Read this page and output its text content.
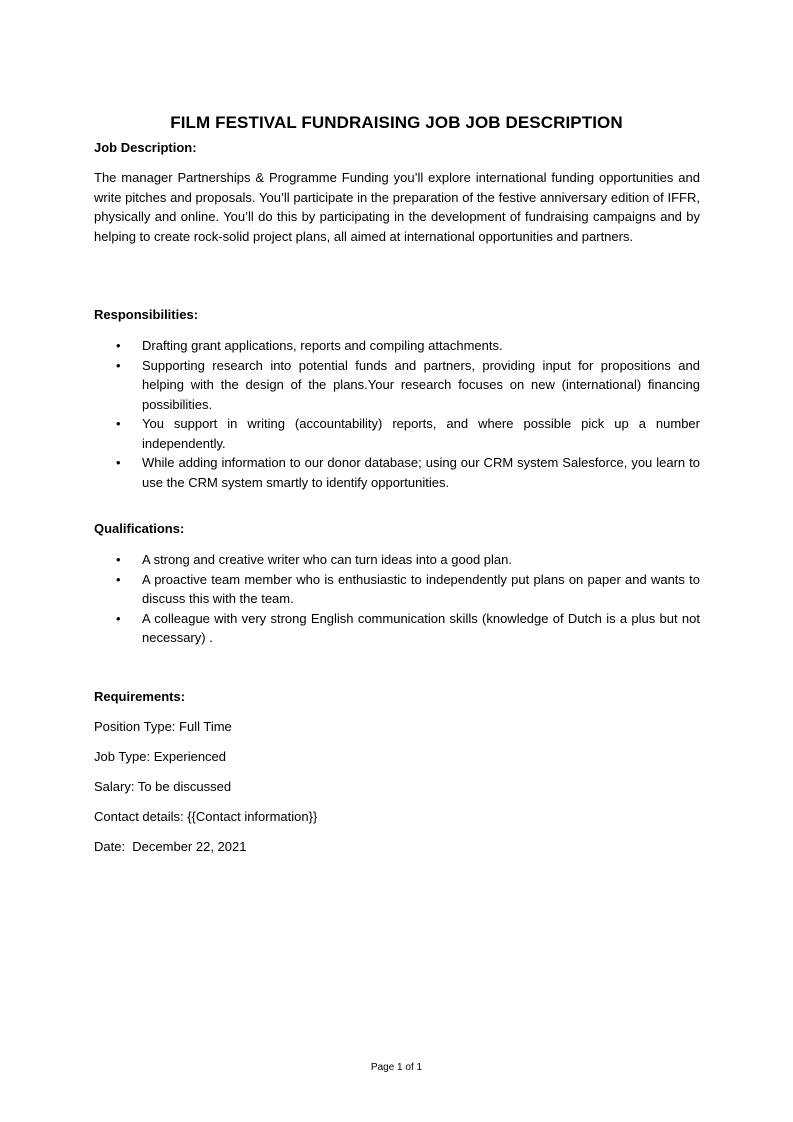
FILM FESTIVAL FUNDRAISING JOB JOB DESCRIPTION
Job Description:
The manager Partnerships & Programme Funding you’ll explore international funding opportunities and write pitches and proposals. You’ll participate in the preparation of the festive anniversary edition of IFFR, physically and online. You’ll do this by participating in the development of fundraising campaigns and by helping to create rock-solid project plans, all aimed at international opportunities and partners.
Responsibilities:
• Drafting grant applications, reports and compiling attachments.
• Supporting research into potential funds and partners, providing input for propositions and helping with the design of the plans.Your research focuses on new (international) financing possibilities.
• You support in writing (accountability) reports, and where possible pick up a number independently.
• While adding information to our donor database; using our CRM system Salesforce, you learn to use the CRM system smartly to identify opportunities.
Qualifications:
• A strong and creative writer who can turn ideas into a good plan.
• A proactive team member who is enthusiastic to independently put plans on paper and wants to discuss this with the team.
• A colleague with very strong English communication skills (knowledge of Dutch is a plus but not necessary) .
Requirements:
Position Type: Full Time
Job Type: Experienced
Salary: To be discussed
Contact details: {{Contact information}}
Date:  December 22, 2021
Page 1 of 1
